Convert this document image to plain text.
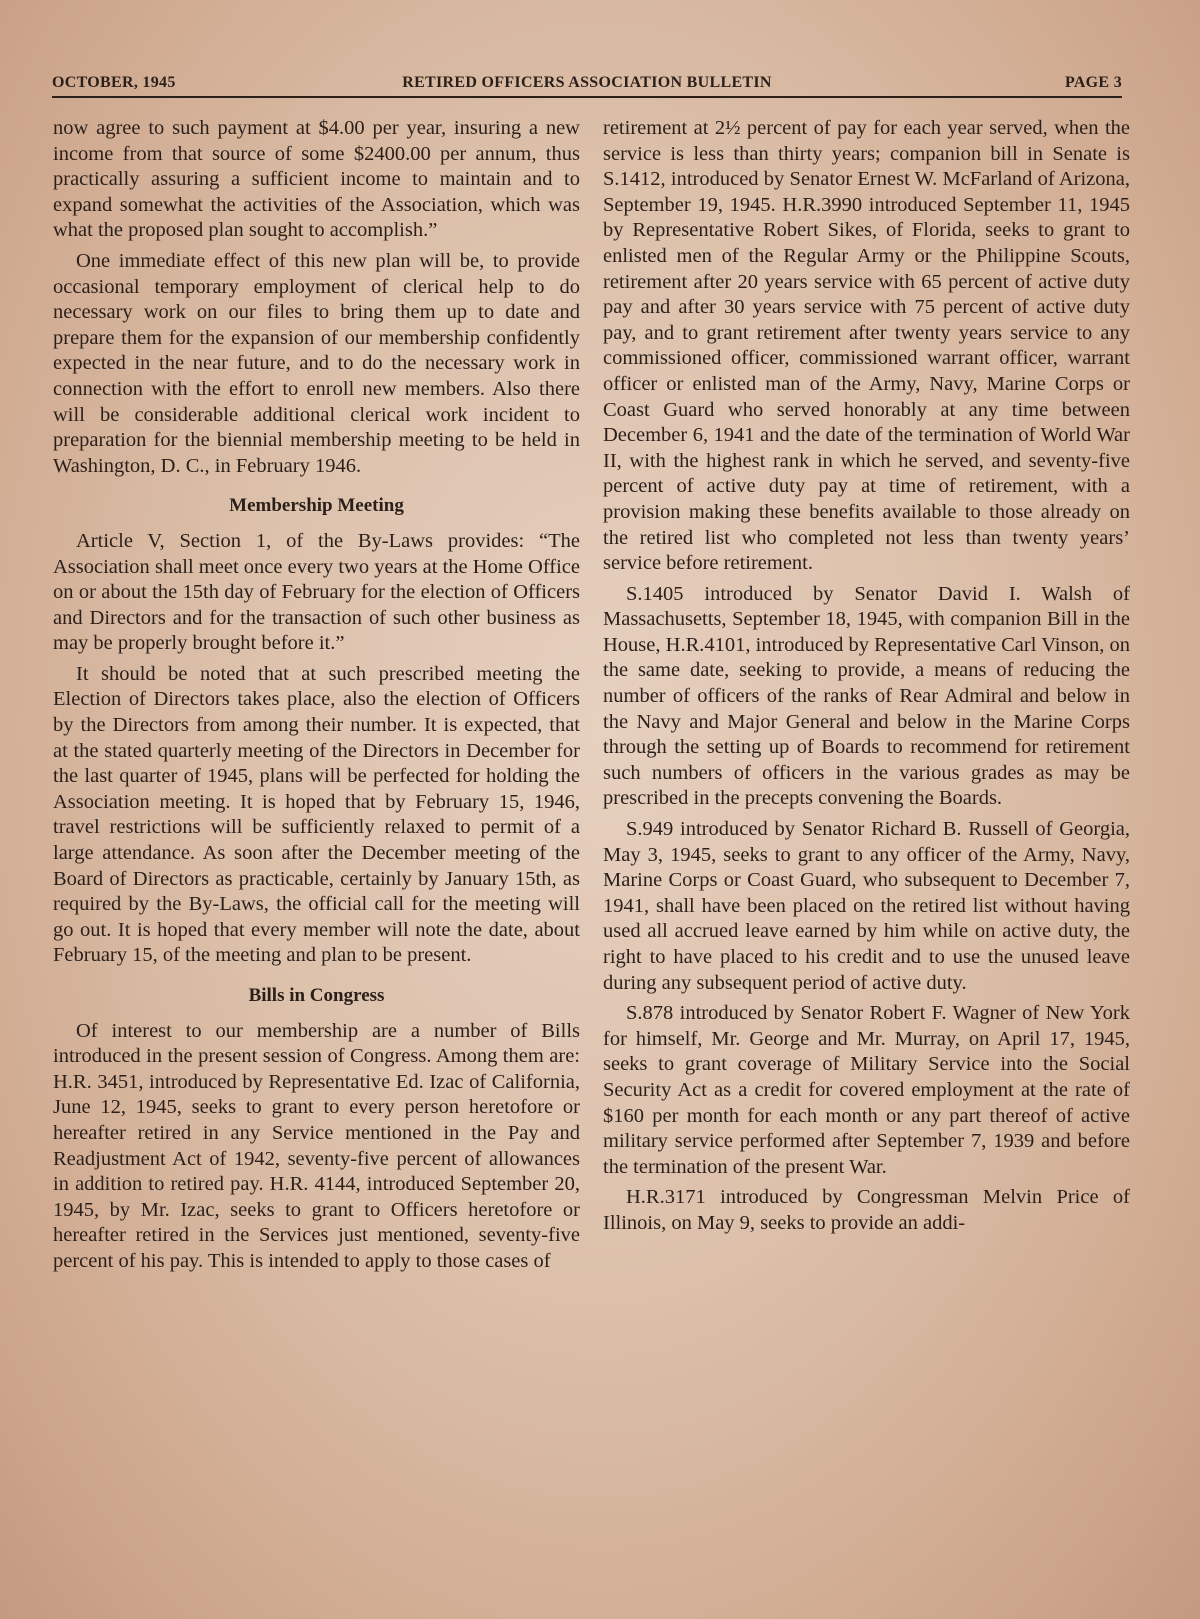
OCTOBER, 1945	RETIRED OFFICERS ASSOCIATION BULLETIN	PAGE 3

now agree to such payment at $4.00 per year, insuring a new income from that source of some $2400.00 per annum, thus practically assuring a sufficient income to maintain and to expand somewhat the activities of the Association, which was what the proposed plan sought to accomplish.”

One immediate effect of this new plan will be, to provide occasional temporary employment of clerical help to do necessary work on our files to bring them up to date and prepare them for the expansion of our membership confidently expected in the near future, and to do the necessary work in connection with the effort to enroll new members. Also there will be considerable additional clerical work incident to preparation for the biennial membership meeting to be held in Washington, D. C., in February 1946.

Membership Meeting

Article V, Section 1, of the By-Laws provides: “The Association shall meet once every two years at the Home Office on or about the 15th day of February for the election of Officers and Directors and for the transaction of such other business as may be properly brought before it.”

It should be noted that at such prescribed meeting the Election of Directors takes place, also the election of Officers by the Directors from among their number. It is expected, that at the stated quarterly meeting of the Directors in December for the last quarter of 1945, plans will be perfected for holding the Association meeting. It is hoped that by February 15, 1946, travel restrictions will be sufficiently relaxed to permit of a large attendance. As soon after the December meeting of the Board of Directors as practicable, certainly by January 15th, as required by the By-Laws, the official call for the meeting will go out. It is hoped that every member will note the date, about February 15, of the meeting and plan to be present.

Bills in Congress

Of interest to our membership are a number of Bills introduced in the present session of Congress. Among them are: H.R. 3451, introduced by Representative Ed. Izac of California, June 12, 1945, seeks to grant to every person heretofore or hereafter retired in any Service mentioned in the Pay and Readjustment Act of 1942, seventy-five percent of allowances in addition to retired pay. H.R. 4144, introduced September 20, 1945, by Mr. Izac, seeks to grant to Officers heretofore or hereafter retired in the Services just mentioned, seventy-five percent of his pay. This is intended to apply to those cases of

retirement at 2½ percent of pay for each year served, when the service is less than thirty years; companion bill in Senate is S.1412, introduced by Senator Ernest W. McFarland of Arizona, September 19, 1945. H.R.3990 introduced September 11, 1945 by Representative Robert Sikes, of Florida, seeks to grant to enlisted men of the Regular Army or the Philippine Scouts, retirement after 20 years service with 65 percent of active duty pay and after 30 years service with 75 percent of active duty pay, and to grant retirement after twenty years service to any commissioned officer, commissioned warrant officer, warrant officer or enlisted man of the Army, Navy, Marine Corps or Coast Guard who served honorably at any time between December 6, 1941 and the date of the termination of World War II, with the highest rank in which he served, and seventy-five percent of active duty pay at time of retirement, with a provision making these benefits available to those already on the retired list who completed not less than twenty years’ service before retirement.

S.1405 introduced by Senator David I. Walsh of Massachusetts, September 18, 1945, with companion Bill in the House, H.R.4101, introduced by Representative Carl Vinson, on the same date, seeking to provide, a means of reducing the number of officers of the ranks of Rear Admiral and below in the Navy and Major General and below in the Marine Corps through the setting up of Boards to recommend for retirement such numbers of officers in the various grades as may be prescribed in the precepts convening the Boards.

S.949 introduced by Senator Richard B. Russell of Georgia, May 3, 1945, seeks to grant to any officer of the Army, Navy, Marine Corps or Coast Guard, who subsequent to December 7, 1941, shall have been placed on the retired list without having used all accrued leave earned by him while on active duty, the right to have placed to his credit and to use the unused leave during any subsequent period of active duty.

S.878 introduced by Senator Robert F. Wagner of New York for himself, Mr. George and Mr. Murray, on April 17, 1945, seeks to grant coverage of Military Service into the Social Security Act as a credit for covered employment at the rate of $160 per month for each month or any part thereof of active military service performed after September 7, 1939 and before the termination of the present War.

H.R.3171 introduced by Congressman Melvin Price of Illinois, on May 9, seeks to provide an addi-
